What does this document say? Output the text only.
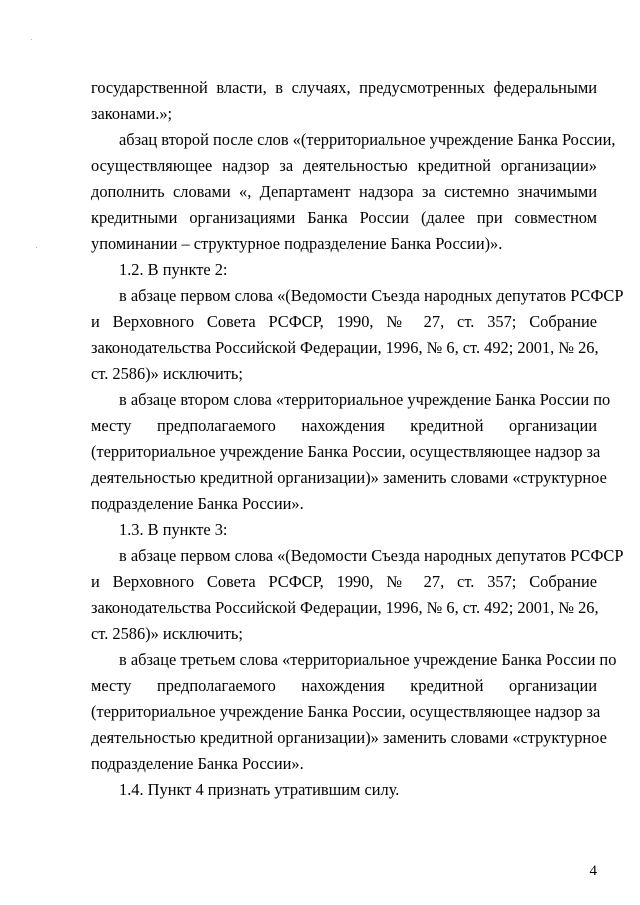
государственной власти, в случаях, предусмотренных федеральными
законами.»;
абзац второй после слов «(территориальное учреждение Банка России,
осуществляющее надзор за деятельностью кредитной организации»
дополнить словами «, Департамент надзора за системно значимыми
кредитными организациями Банка России (далее при совместном
упоминании – структурное подразделение Банка России)».
1.2. В пункте 2:
в абзаце первом слова «(Ведомости Съезда народных депутатов РСФСР
и Верховного Совета РСФСР, 1990, № 27, ст. 357; Собрание
законодательства Российской Федерации, 1996, № 6, ст. 492; 2001, № 26,
ст. 2586)» исключить;
в абзаце втором слова «территориальное учреждение Банка России по
месту предполагаемого нахождения кредитной организации
(территориальное учреждение Банка России, осуществляющее надзор за
деятельностью кредитной организации)» заменить словами «структурное
подразделение Банка России».
1.3. В пункте 3:
в абзаце первом слова «(Ведомости Съезда народных депутатов РСФСР
и Верховного Совета РСФСР, 1990, № 27, ст. 357; Собрание
законодательства Российской Федерации, 1996, № 6, ст. 492; 2001, № 26,
ст. 2586)» исключить;
в абзаце третьем слова «территориальное учреждение Банка России по
месту предполагаемого нахождения кредитной организации
(территориальное учреждение Банка России, осуществляющее надзор за
деятельностью кредитной организации)» заменить словами «структурное
подразделение Банка России».
1.4. Пункт 4 признать утратившим силу.
4
